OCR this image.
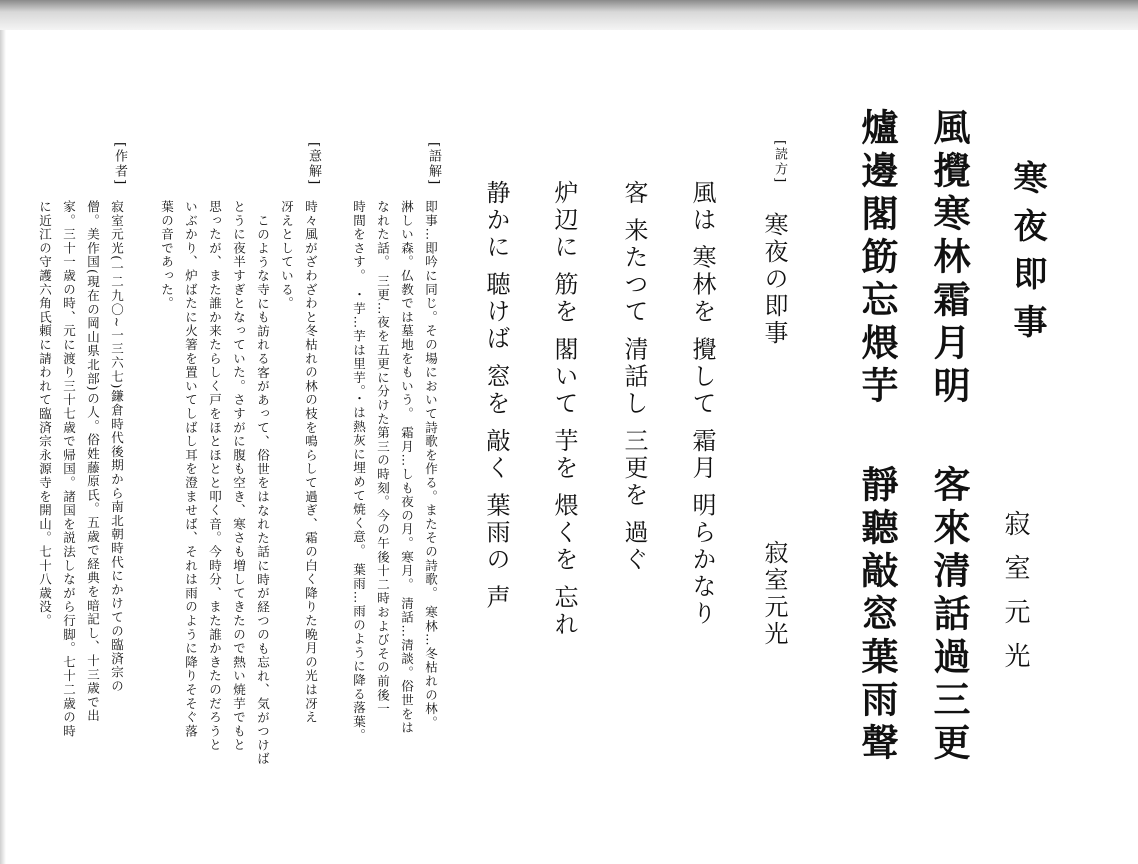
寒夜即事
寂室元光
風攪寒林霜月明
客來清話過三更
爐邊閣筯忘煨芋
靜聽敲窓葉雨聲
[読方]
寒夜の即事
寂室元光
風は 寒林を 攪して 霜月 明らかなり
客 来たつて 清話し 三更を 過ぐ
炉辺に 筋を 閣いて 芋を 煨くを 忘れ
静かに 聴けば 窓を 敲く 葉雨の 声
[語解]
即事…即吟に同じ。その場において詩歌を作る。またその詩歌。 寒林…冬枯れの林。
淋しい森。仏教では墓地をもいう。 霜月…しも夜の月。寒月。 清話…清談。俗世をは
なれた話。 三更…夜を五更に分けた第三の時刻。今の午後十二時およびその前後一
時間をさす。 ・芋…芋は里芋。・は熱灰に埋めて焼く意。 葉雨…雨のように降る落葉。
[意解]
時々風がざわざわと冬枯れの林の枝を鳴らして過ぎ、霜の白く降りた晩月の光は冴え
冴えとしている。
このような寺にも訪れる客があって、俗世をはなれた話に時が経つのも忘れ、気がつけば
とうに夜半すぎとなっていた。さすがに腹も空き、寒さも増してきたので熱い焼芋でもと
思ったが、また誰か来たらしく戸をほとほとと叩く音。今時分、また誰かきたのだろうと
いぶかり、炉ばたに火箸を置いてしばし耳を澄ませば、それは雨のように降りそそぐ落
葉の音であった。
[作者]
寂室元光(一二九〇~一三六七)鎌倉時代後期から南北朝時代にかけての臨済宗の
僧。美作国(現在の岡山県北部)の人。俗姓藤原氏。五歳で経典を暗記し、十三歳で出
家。三十一歳の時、元に渡り三十七歳で帰国。諸国を説法しながら行脚。七十二歳の時
に近江の守護六角氏頼に請われて臨済宗永源寺を開山。七十八歳没。
